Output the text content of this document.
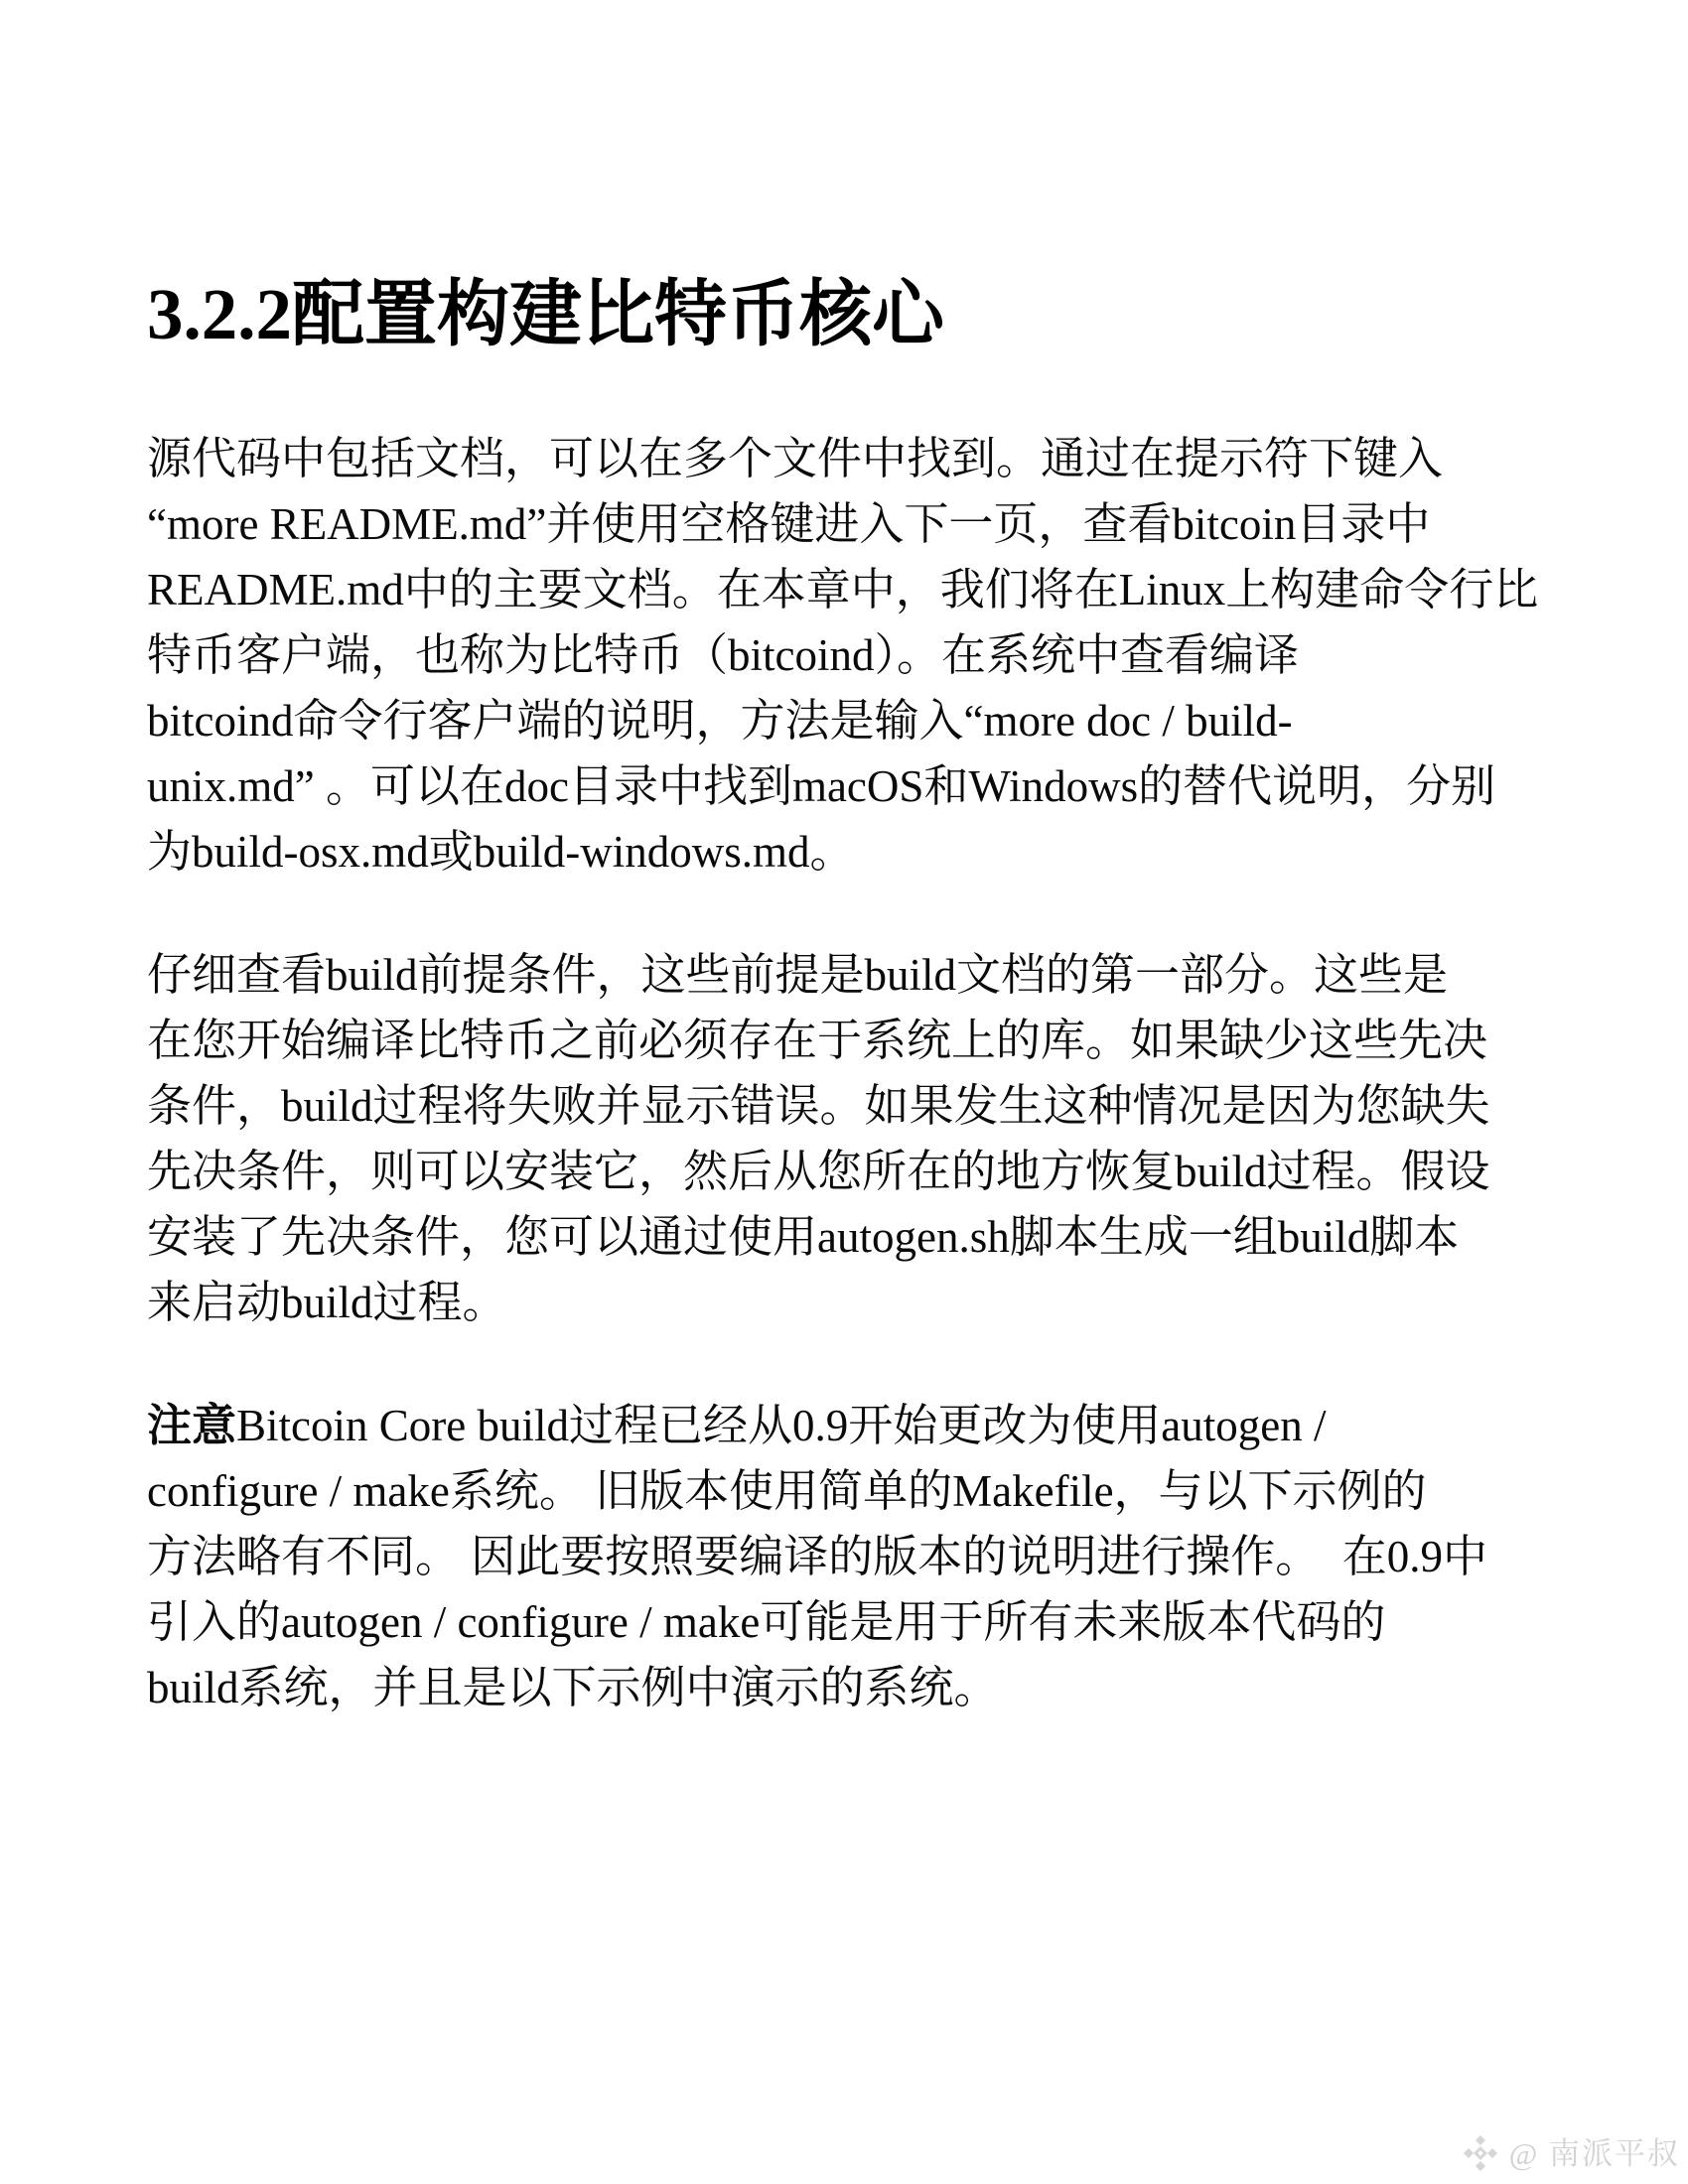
3.2.2配置构建比特币核心
源代码中包括文档，可以在多个文件中找到。通过在提示符下键入
“more README.md”并使用空格键进入下一页，查看bitcoin目录中
README.md中的主要文档。在本章中，我们将在Linux上构建命令行比
特币客户端，也称为比特币（bitcoind）。在系统中查看编译
bitcoind命令行客户端的说明，方法是输入“more doc / build-
unix.md” 。可以在doc目录中找到macOS和Windows的替代说明，分别
为build-osx.md或build-windows.md。
仔细查看build前提条件，这些前提是build文档的第一部分。这些是
在您开始编译比特币之前必须存在于系统上的库。如果缺少这些先决
条件，build过程将失败并显示错误。如果发生这种情况是因为您缺失
先决条件，则可以安装它，然后从您所在的地方恢复build过程。假设
安装了先决条件，您可以通过使用autogen.sh脚本生成一组build脚本
来启动build过程。
注意Bitcoin Core build过程已经从0.9开始更改为使用autogen /
configure / make系统。 旧版本使用简单的Makefile，与以下示例的
方法略有不同。 因此要按照要编译的版本的说明进行操作。  在0.9中
引入的autogen / configure / make可能是用于所有未来版本代码的
build系统，并且是以下示例中演示的系统。
@ 南派平叔
